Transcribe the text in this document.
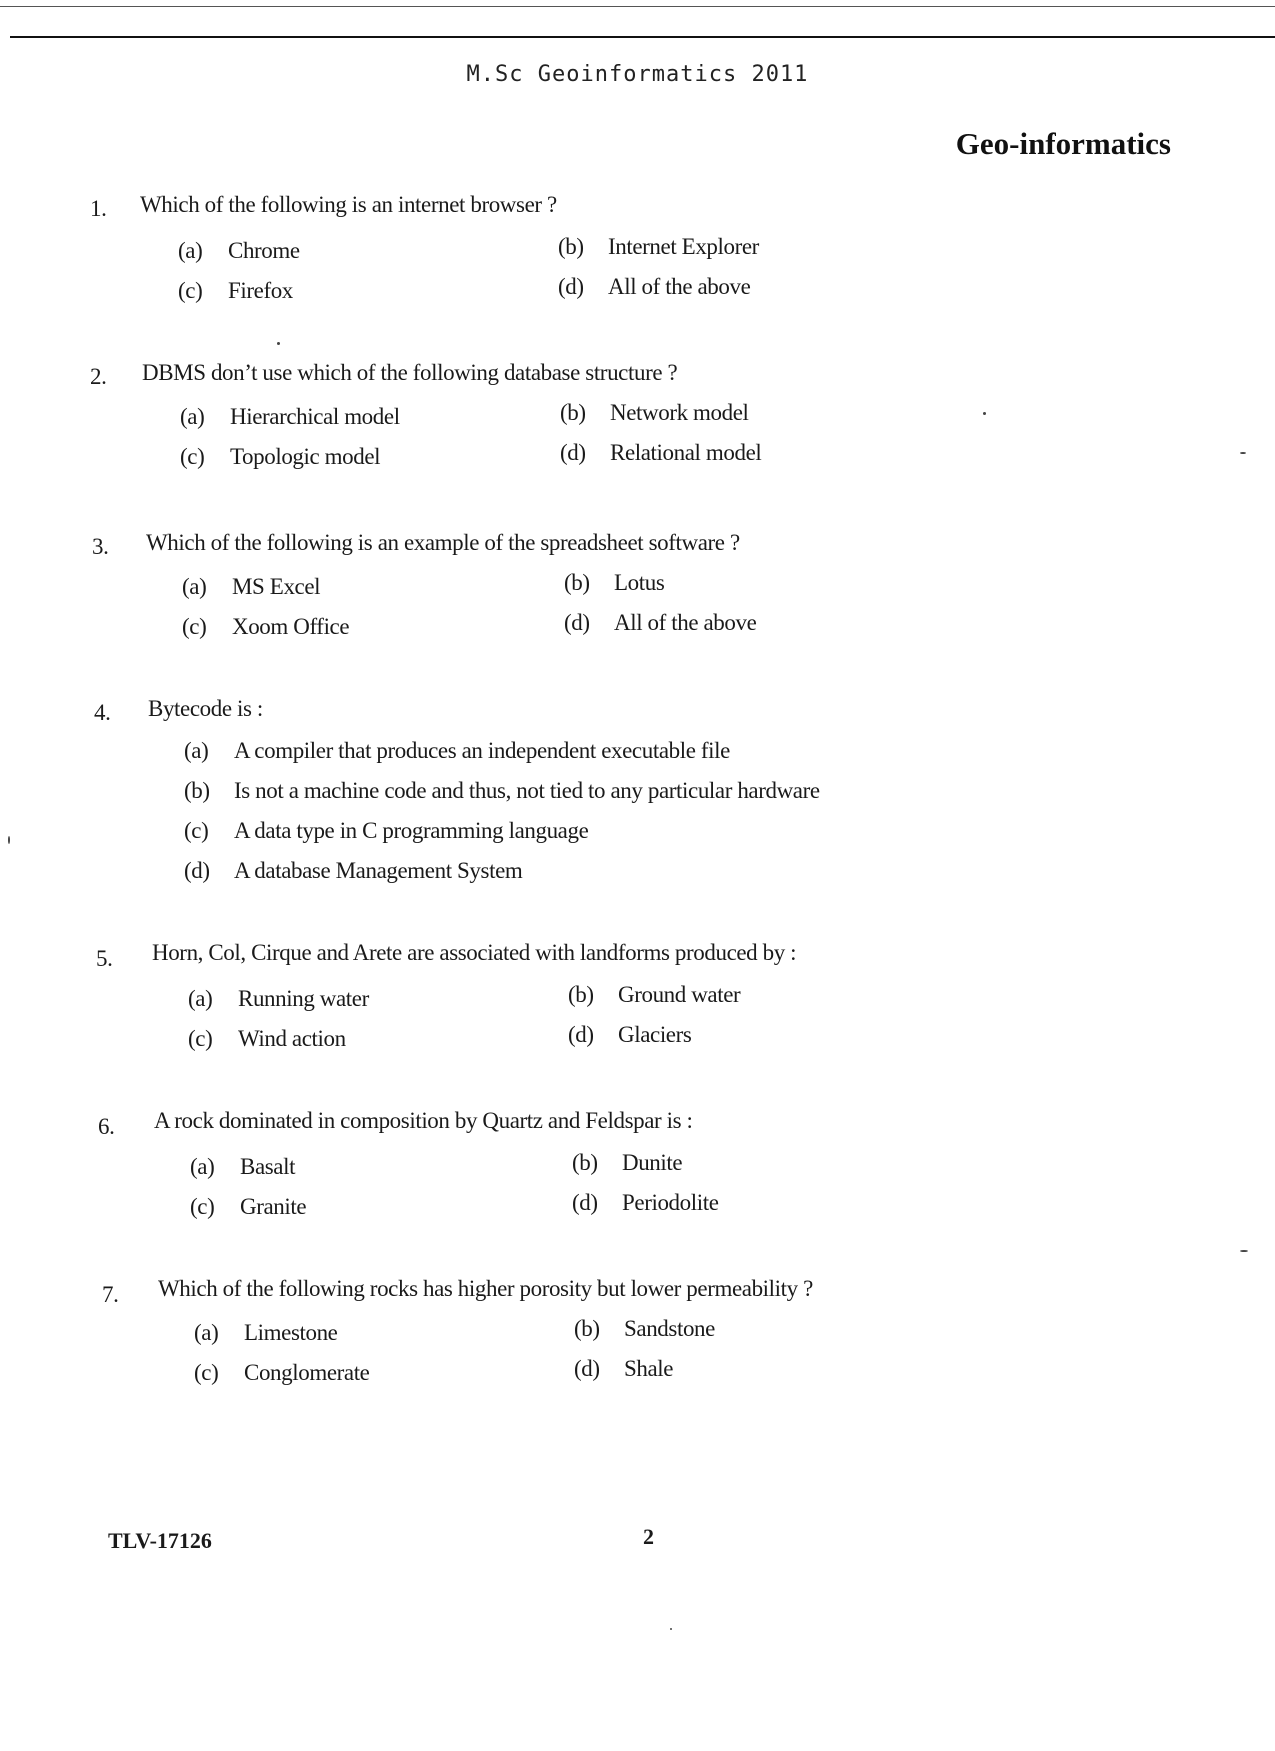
M.Sc Geoinformatics 2011
Geo-informatics
1. Which of the following is an internet browser ?
(a) Chrome	(b) Internet Explorer
(c) Firefox	(d) All of the above
2. DBMS don’t use which of the following database structure ?
(a) Hierarchical model	(b) Network model
(c) Topologic model	(d) Relational model
3. Which of the following is an example of the spreadsheet software ?
(a) MS Excel	(b) Lotus
(c) Xoom Office	(d) All of the above
4. Bytecode is :
(a) A compiler that produces an independent executable file
(b) Is not a machine code and thus, not tied to any particular hardware
(c) A data type in C programming language
(d) A database Management System
5. Horn, Col, Cirque and Arete are associated with landforms produced by :
(a) Running water	(b) Ground water
(c) Wind action	(d) Glaciers
6. A rock dominated in composition by Quartz and Feldspar is :
(a) Basalt	(b) Dunite
(c) Granite	(d) Periodolite
7. Which of the following rocks has higher porosity but lower permeability ?
(a) Limestone	(b) Sandstone
(c) Conglomerate	(d) Shale
TLV-17126	2
